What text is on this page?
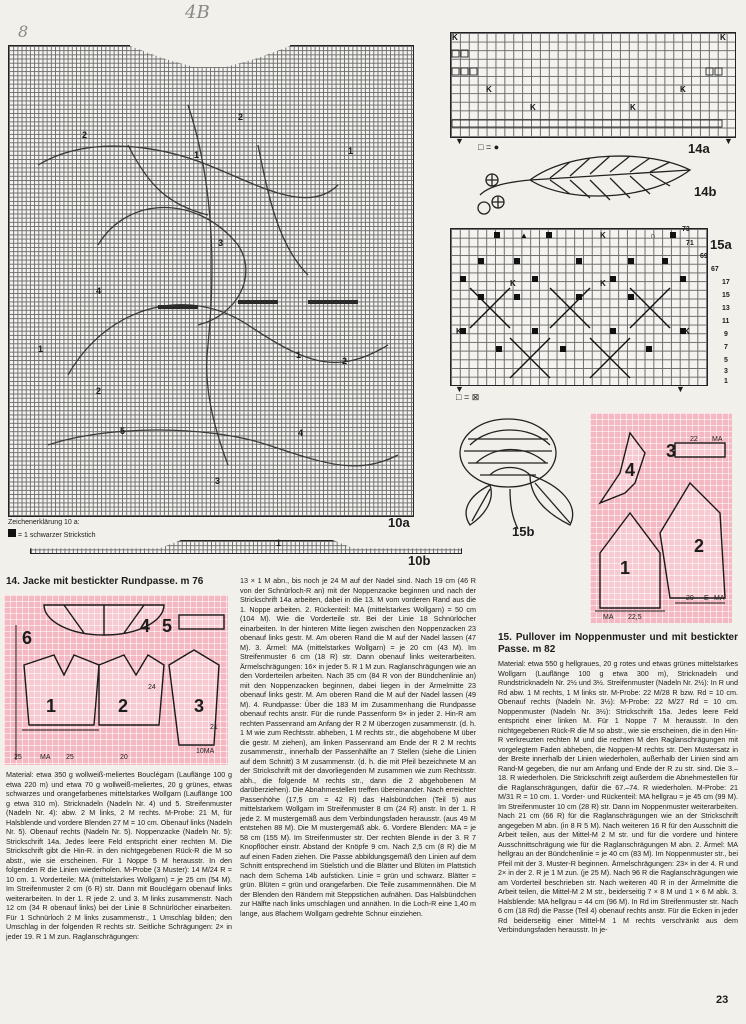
4B
8
2
1
2
1
3
4
1
2
2
1
5	4
3
Zeichenerklärung 10 a:
= 1 schwarzer Strickstich
10a
1
10b
K	K
K	K
K	K
▼	▼
□ = ●	14a
14b
▲	K	∩
K	K
K	K
73
71
69
67
17
15
13
11
9
7
5
3
1
15a
▼	▼
□ = ⊠
15b
4
3
1
2
22 MA
MA 22,5
20 E MA
14. Jacke mit bestickter Rundpasse. m 76
6
4 5
1	2	3
25	MA 25	20
24
21
10MA

Material: etwa 350 g wollweiß-meliertes Bouclégarn (Lauflänge 100 g etwa 220 m) und etwa 70 g wollweiß-meliertes, 20 g grünes, etwas schwarzes und orangefarbenes mittelstarkes Wollgarn (Lauflänge 100 g etwa 310 m). Stricknadeln (Nadeln Nr. 4) und 5. Streifenmuster (Nadeln Nr. 4): abw. 2 M links, 2 M rechts. M-Probe: 21 M, für Halsblende und vordere Blenden 27 M = 10 cm. Obenauf links (Nadeln Nr. 5). Obenauf rechts (Nadeln Nr. 5). Noppenzacke (Nadeln Nr. 5): Strickschrift 14a. Jedes leere Feld entspricht einer rechten M. Die Strickschrift gibt die Hin-R. in den nichtgegebenen Rück-R die M so abstr., wie sie erscheinen. Für 1 Noppe 5 M herausstr. In den folgenden R die Linien wiederholen. M-Probe (3 Muster): 14 M/24 R = 10 cm. 1. Vorderteile: MA (mittelstarkes Wollgarn) = je 25 cm (54 M). Im Streifenmuster 2 cm (6 R) str. Dann mit Bouclégarn obenauf links weiterarbeiten. In der 1. R jede 2. und 3. M links zusammenstr. Nach 12 cm (34 R obenauf links) bei der Linie 8 Schnürlöcher einarbeiten. Für 1 Schnürloch 2 M links zusammenstr., 1 Umschlag bilden; den Umschlag in der folgenden R rechts str. Seitliche Schrägungen: 2× in jeder 19. R 1 M zun. Raglanschrägungen:

13 × 1 M abn., bis noch je 24 M auf der Nadel sind. Nach 19 cm (46 R von der Schnürloch-R an) mit der Noppenzacke beginnen und nach der Strickschrift 14a arbeiten, dabei in die 13. M vom vorderen Rand aus die 1. Noppe arbeiten. 2. Rückenteil: MA (mittelstarkes Wollgarn) = 50 cm (104 M). Wie die Vorderteile str. Bei der Linie 18 Schnürlöcher einarbeiten. In der hinteren Mitte liegen zwischen den Noppenzacken 23 obenauf links gestr. M. Am oberen Rand die M auf der Nadel lassen (47 M). 3. Ärmel: MA (mittelstarkes Wollgarn) = je 20 cm (43 M). Im Streifenmuster 6 cm (18 R) str. Dann obenauf links weiterarbeiten. Ärmelschrägungen: 16× in jeder 5. R 1 M zun. Raglanschrägungen wie an den Vorderteilen arbeiten. Nach 35 cm (84 R von der Bündchenlinie an) mit den Noppenzacken beginnen, dabei liegen in der Ärmelmitte 23 obenauf links gestr. M. Am oberen Rand die M auf der Nadel lassen (49 M). 4. Rundpasse: Über die 183 M im Zusammenhang die Rundpasse obenauf rechts anstr. Für die runde Passenform 9× in jeder 2. Hin-R am rechten Passenrand am Anfang der R 2 M überzogen zusammenstr. (d. h. 1 M wie zum Rechtsstr. abheben, 1 M rechts str., die abgehobene M über die gestr. M ziehen), am linken Passenrand am Ende der R 2 M rechts zusammenstr., innerhalb der Passenhälfte an 7 Stellen (siehe die Linien auf dem Schnitt) 3 M zusammenstr. (d. h. die mit Pfeil bezeichnete M an der Strickschrift mit der davorliegenden M zusammen wie zum Rechtsstr. abh., die folgende M rechts str., dann die 2 abgehobenen M darüberziehen). Die Abnahmestellen treffen übereinander. Nach erreichter Passenhöhe (17,5 cm = 42 R) das Halsbündchen (Teil 5) aus mittelstarkem Wollgarn im Streifenmuster 8 cm (24 R) anstr. In der 1. R jede 2. M mustergemäß aus dem Verbindungsfaden herausstr. (aus 49 M entstehen 88 M). Die M mustergemäß abk. 6. Vordere Blenden: MA = je 58 cm (155 M). Im Streifenmuster str. Der rechten Blende in der 3. R 7 Knopflöcher einstr. Abstand der Knöpfe 9 cm. Nach 2,5 cm (8 R) die M auf einen Faden ziehen. Die Passe abbildungsgemäß den Linien auf dem Schnitt entsprechend im Stielstich und die Blätter und Blüten im Plattstich nach dem Schema 14b aufsticken. Linie = grün und schwarz. Blätter = grün. Blüten = grün und orangefarben. Die Teile zusammennähen. Die M der Blenden den Rändern mit Steppstichen aufnähen. Das Halsbündchen zur Hälfte nach links umschlagen und annähen. In die Loch-R eine 1,40 m lange, aus 8fachem Wollgarn gedrehte Schnur einziehen.

15. Pullover im Noppenmuster und mit bestickter Passe. m 82

Material: etwa 550 g hellgraues, 20 g rotes und etwas grünes mittelstarkes Wollgarn (Lauflänge 100 g etwa 300 m), Stricknadeln und Rundstricknadeln Nr. 2½ und 3½. Streifenmuster (Nadeln Nr. 2½): In R und Rd abw. 1 M rechts, 1 M links str. M-Probe: 22 M/28 R bzw. Rd = 10 cm. Obenauf rechts (Nadeln Nr. 3½): M-Probe: 22 M/27 Rd = 10 cm. Noppenmuster (Nadeln Nr. 3½): Strickschrift 15a. Jedes leere Feld entspricht einer linken M. Für 1 Noppe 7 M herausstr. In den nichtgegebenen Rück-R die M so abstr., wie sie erscheinen, die in den Hin-R verkreuzten rechten M und die rechten M den Raglanschrägungen mit vorgelegtem Faden abheben, die Noppen-M rechts str. Den Mustersatz in der Breite innerhalb der Linien wiederholen, außerhalb der Linien sind am Rand-M gegeben, die nur am Anfang und Ende der R zu str. sind. Die 3.–18. R wiederholen. Die Strickschrift zeigt außerdem die Abnehmestellen für die Raglanschrägungen, dafür die 67.–74. R wiederholen. M-Probe: 21 M/31 R = 10 cm. 1. Vorder- und Rückenteil: MA hellgrau = je 45 cm (99 M). Im Streifenmuster 10 cm (28 R) str. Dann im Noppenmuster weiterarbeiten. Nach 21 cm (66 R) für die Raglanschrägungen wie an der Strickschrift angegeben M abn. (in 8 R 5 M). Nach weiteren 16 R für den Ausschnitt die Arbeit teilen, aus der Mittel-M 2 M str. und für die vordere und hintere Ausschnittschrägung wie für die Raglanschrägungen M abn. 2. Ärmel: MA hellgrau an der Bündchenlinie = je 40 cm (83 M). Im Noppenmuster str., bei Pfeil mit der 3. Muster-R beginnen. Ärmelschrägungen: 23× in der 4. R und 2× in der 2. R je 1 M zun. (je 25 M). Nach 96 R die Raglanschrägungen wie am Vorderteil beschrieben str. Nach weiteren 40 R in der Ärmelmitte die Arbeit teilen, die Mittel-M 2 M str., beiderseitig 7 × 8 M und 1 × 6 M abk. 3. Halsblende: MA hellgrau = 44 cm (96 M). In Rd im Streifenmuster str. Nach 6 cm (18 Rd) die Passe (Teil 4) obenauf rechts anstr. Für die Ecken in jeder Rd beiderseitig einer Mittel-M 1 M rechts verschränkt aus dem Verbindungsfaden herausstr. In je-

23
